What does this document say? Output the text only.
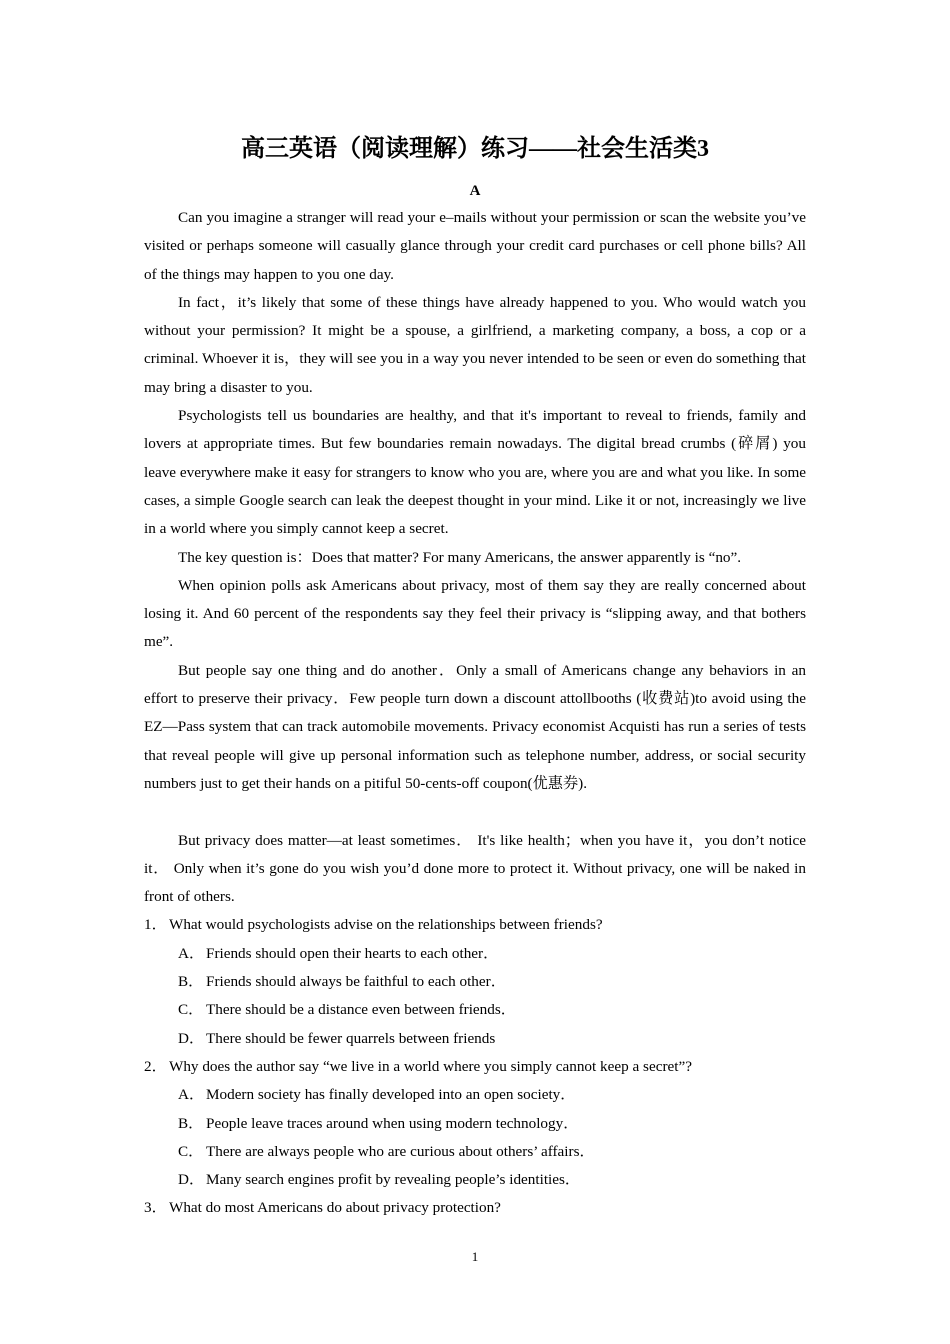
高三英语（阅读理解）练习——社会生活类3
A

Can you imagine a stranger will read your e–mails without your permission or scan the website you’ve visited or perhaps someone will casually glance through your credit card purchases or cell phone bills? All of the things may happen to you one day.

In fact，it’s likely that some of these things have already happened to you. Who would watch you without your permission? It might be a spouse, a girlfriend, a marketing company, a boss, a cop or a criminal. Whoever it is，they will see you in a way you never intended to be seen or even do something that may bring a disaster to you.

Psychologists tell us boundaries are healthy, and that it's important to reveal to friends, family and lovers at appropriate times. But few boundaries remain nowadays. The digital bread crumbs (碎屑) you leave everywhere make it easy for strangers to know who you are, where you are and what you like. In some cases, a simple Google search can leak the deepest thought in your mind. Like it or not, increasingly we live in a world where you simply cannot keep a secret.

The key question is：Does that matter? For many Americans, the answer apparently is “no”.

When opinion polls ask Americans about privacy, most of them say they are really concerned about losing it. And 60 percent of the respondents say they feel their privacy is “slipping away, and that bothers me”.

But people say one thing and do another．Only a small of Americans change any behaviors in an effort to preserve their privacy．Few people turn down a discount attollbooths (收费站)to avoid using the EZ—Pass system that can track automobile movements. Privacy economist Acquisti has run a series of tests that reveal people will give up personal information such as telephone number, address, or social security numbers just to get their hands on a pitiful 50-cents-off coupon(优惠券).

But privacy does matter—at least sometimes． It's like health；when you have it，you don’t notice it． Only when it’s gone do you wish you’d done more to protect it. Without privacy, one will be naked in front of others.

1． What would psychologists advise on the relationships between friends?
A． Friends should open their hearts to each other．
B． Friends should always be faithful to each other．
C． There should be a distance even between friends．
D． There should be fewer quarrels between friends
2． Why does the author say “we live in a world where you simply cannot keep a secret”?
A． Modern society has finally developed into an open society．
B． People leave traces around when using modern technology．
C． There are always people who are curious about others’ affairs．
D． Many search engines profit by revealing people’s identities．
3． What do most Americans do about privacy protection?
1
